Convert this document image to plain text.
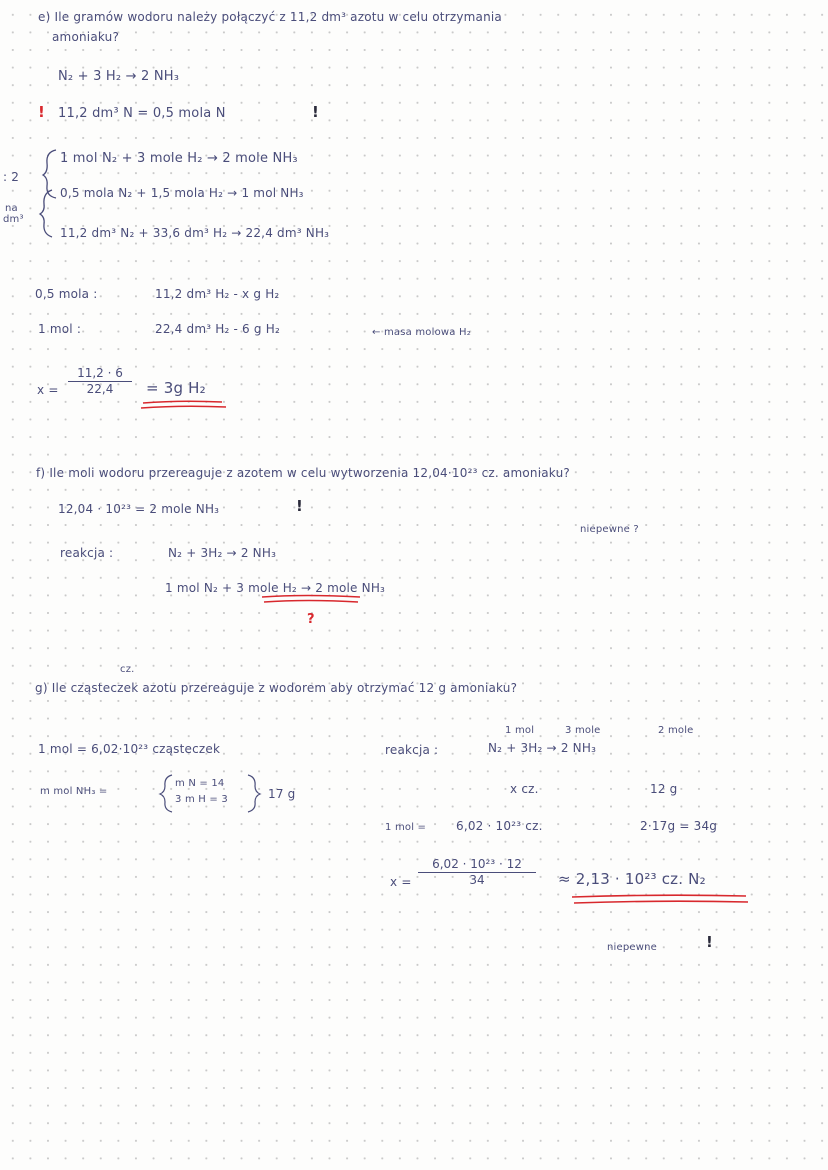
e) Ile gramów wodoru należy połączyć z 11,2 dm³ azotu w celu otrzymania
amoniaku?
N₂ + 3 H₂ → 2 NH₃
! 11,2 dm³ N = 0,5 mola N	!
: 2
na
dm³
1 mol N₂ + 3 mole H₂ → 2 mole NH₃
0,5 mola N₂ + 1,5 mola H₂ → 1 mol NH₃
11,2 dm³ N₂ + 33,6 dm³ H₂ → 22,4 dm³ NH₃
0,5 mola :	11,2 dm³ H₂ - x g H₂
1 mol :	22,4 dm³ H₂ - 6 g H₂	← masa molowa H₂
$x = \frac{11,2 \cdot 6}{22,4} = 3g$ H₂
f) Ile moli wodoru przereaguje z azotem w celu wytworzenia 12,04·10²³ cz. amoniaku?
12,04 · 10²³ = 2 mole NH₃	!
niepewne ?
reakcja :	N₂ + 3H₂ → 2 NH₃
1 mol N₂ + 3 mole H₂ → 2 mole NH₃
?
cz.
g) Ile cząsteczek azotu przereaguje z wodorem aby otrzymać 12 g amoniaku?
1 mol = 6,02·10²³ cząsteczek
m mol NH₃ =
m N = 14
3 m H = 3	17 g
1 mol	3 mole	2 mole
reakcja :	N₂ + 3H₂ → 2 NH₃
x cz.	12 g
1 mol = 6,02 · 10²³ cz.	2·17g = 34g
$x = \frac{\text{6,02 · 10²³ · 12}}{34} \approx 2,13 \cdot 10^{23}$ cz. N₂
niepewne	!
